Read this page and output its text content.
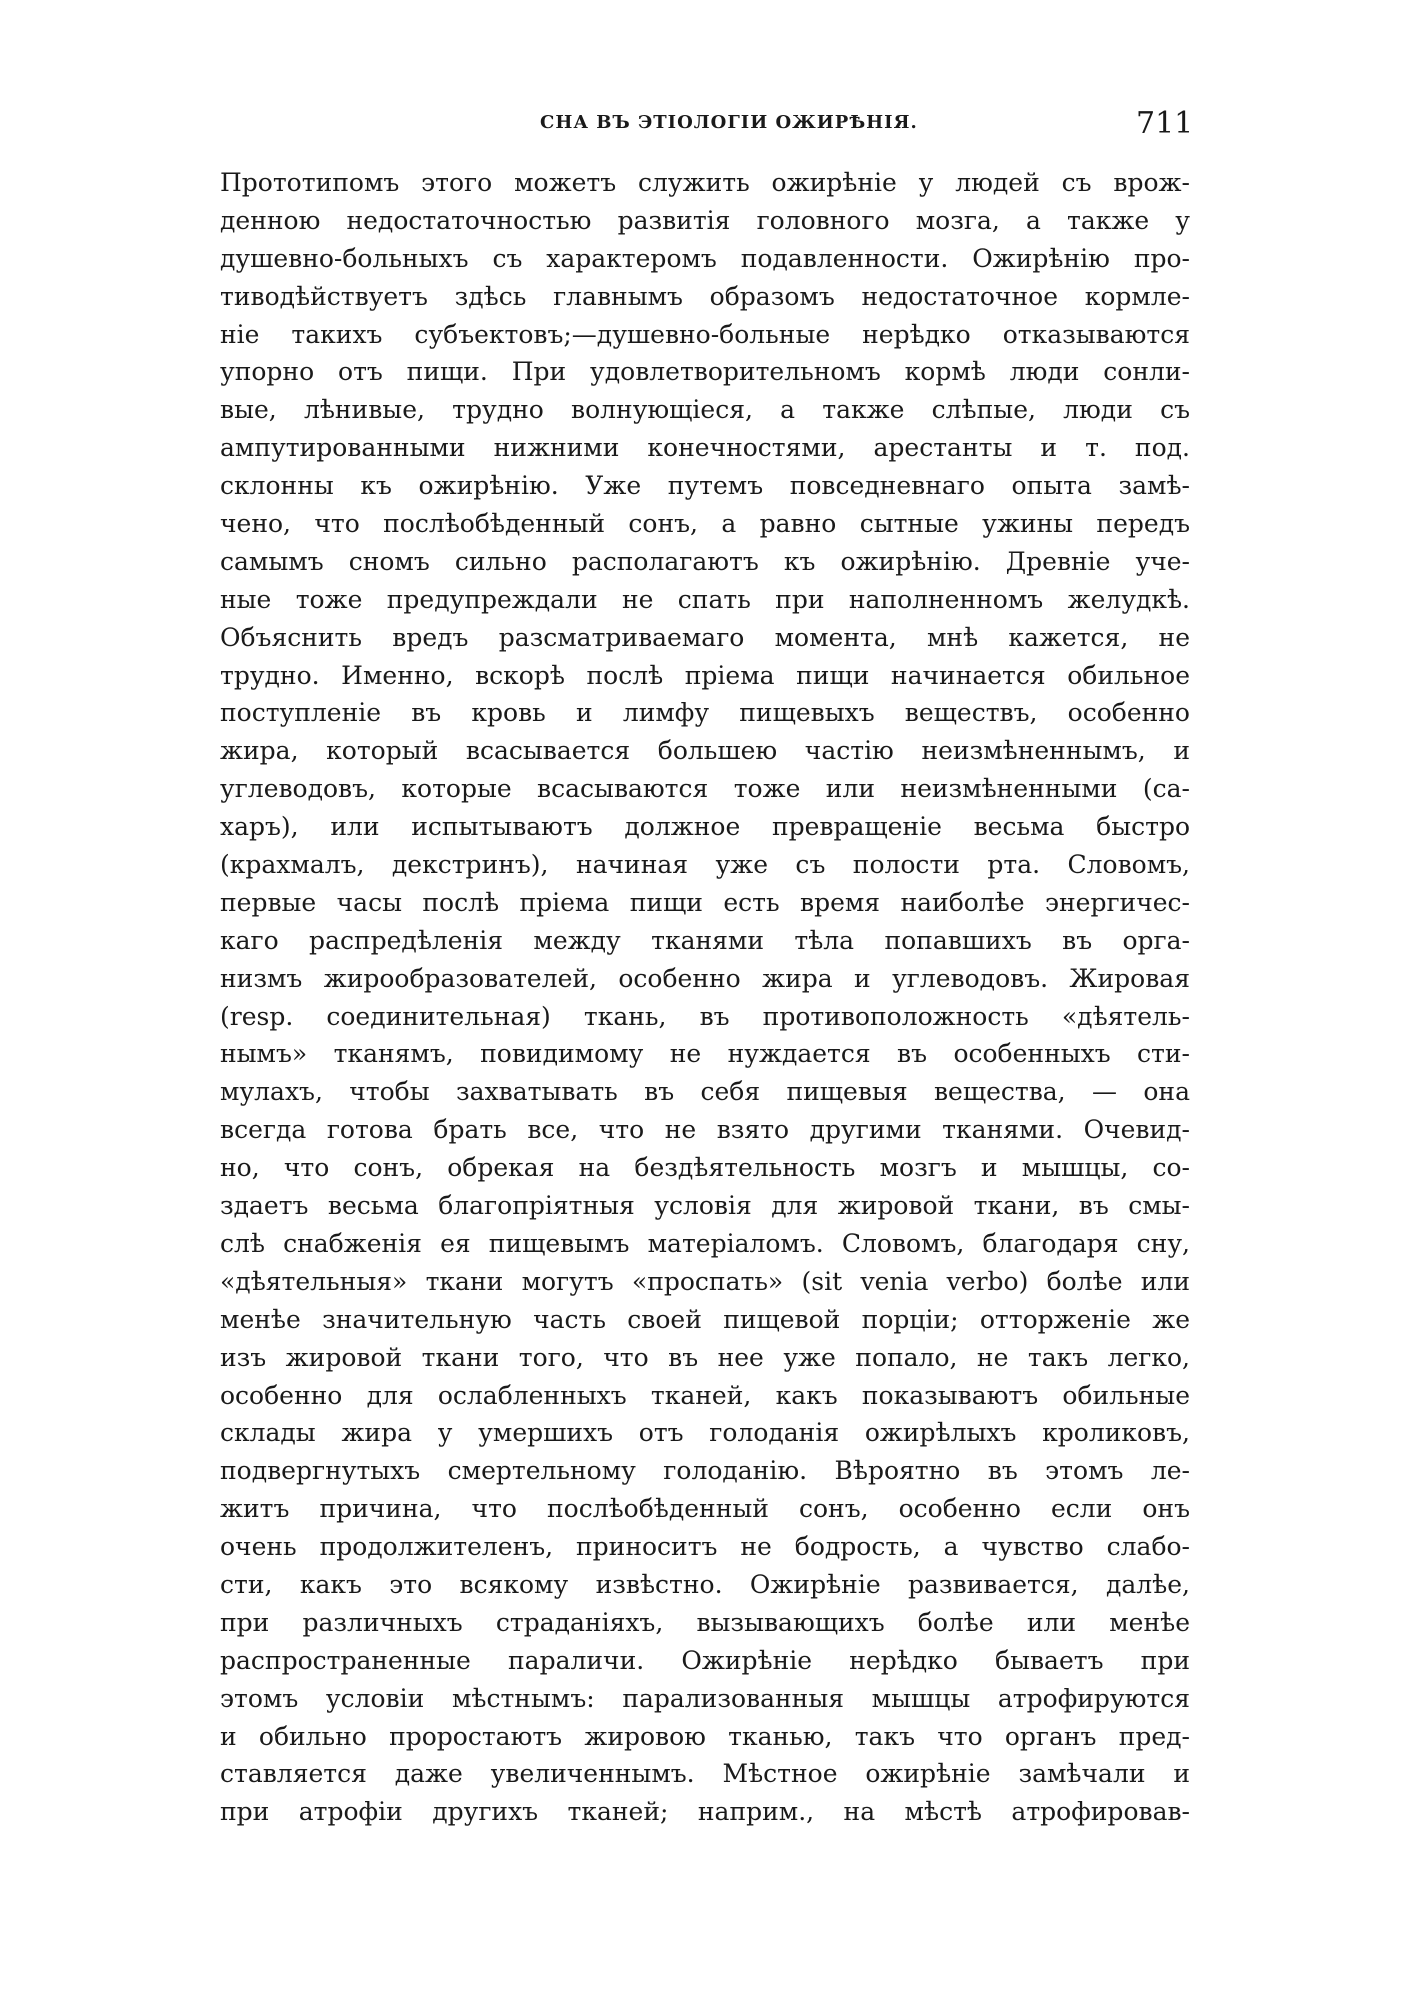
СНА ВЪ ЭТІОЛОГІИ ОЖИРѢНІЯ.	711
Прототипомъ этого можетъ служить ожирѣніе у людей съ врож-
денною недостаточностью развитія головного мозга, а также у
душевно-больныхъ съ характеромъ подавленности. Ожирѣнію про-
тиводѣйствуетъ здѣсь главнымъ образомъ недостаточное кормле-
ніе такихъ субъектовъ;—душевно-больные нерѣдко отказываются
упорно отъ пищи. При удовлетворительномъ кормѣ люди сонли-
вые, лѣнивые, трудно волнующіеся, а также слѣпые, люди съ
ампутированными нижними конечностями, арестанты и т. под.
склонны къ ожирѣнію. Уже путемъ повседневнаго опыта замѣ-
чено, что послѣобѣденный сонъ, а равно сытные ужины передъ
самымъ сномъ сильно располагаютъ къ ожирѣнію. Древніе уче-
ные тоже предупреждали не спать при наполненномъ желудкѣ.
Объяснить вредъ разсматриваемаго момента, мнѣ кажется, не
трудно. Именно, вскорѣ послѣ пріема пищи начинается обильное
поступленіе въ кровь и лимфу пищевыхъ веществъ, особенно
жира, который всасывается большею частію неизмѣненнымъ, и
углеводовъ, которые всасываются тоже или неизмѣненными (са-
харъ), или испытываютъ должное превращеніе весьма быстро
(крахмалъ, декстринъ), начиная уже съ полости рта. Словомъ,
первые часы послѣ пріема пищи есть время наиболѣе энергичес-
каго распредѣленія между тканями тѣла попавшихъ въ орга-
низмъ жирообразователей, особенно жира и углеводовъ. Жировая
(resp. соединительная) ткань, въ противоположность «дѣятель-
нымъ» тканямъ, повидимому не нуждается въ особенныхъ сти-
мулахъ, чтобы захватывать въ себя пищевыя вещества, — она
всегда готова брать все, что не взято другими тканями. Очевид-
но, что сонъ, обрекая на бездѣятельность мозгъ и мышцы, со-
здаетъ весьма благопріятныя условія для жировой ткани, въ смы-
слѣ снабженія ея пищевымъ матеріаломъ. Словомъ, благодаря сну,
«дѣятельныя» ткани могутъ «проспать» (sit venia verbo) болѣе или
менѣе значительную часть своей пищевой порціи; отторженіе же
изъ жировой ткани того, что въ нее уже попало, не такъ легко,
особенно для ослабленныхъ тканей, какъ показываютъ обильные
склады жира у умершихъ отъ голоданія ожирѣлыхъ кроликовъ,
подвергнутыхъ смертельному голоданію. Вѣроятно въ этомъ ле-
житъ причина, что послѣобѣденный сонъ, особенно если онъ
очень продолжителенъ, приноситъ не бодрость, а чувство слабо-
сти, какъ это всякому извѣстно. Ожирѣніе развивается, далѣе,
при различныхъ страданіяхъ, вызывающихъ болѣе или менѣе
распространенные параличи. Ожирѣніе нерѣдко бываетъ при
этомъ условіи мѣстнымъ: парализованныя мышцы атрофируются
и обильно проростаютъ жировою тканью, такъ что органъ пред-
ставляется даже увеличеннымъ. Мѣстное ожирѣніе замѣчали и
при атрофіи другихъ тканей; наприм., на мѣстѣ атрофировав-
